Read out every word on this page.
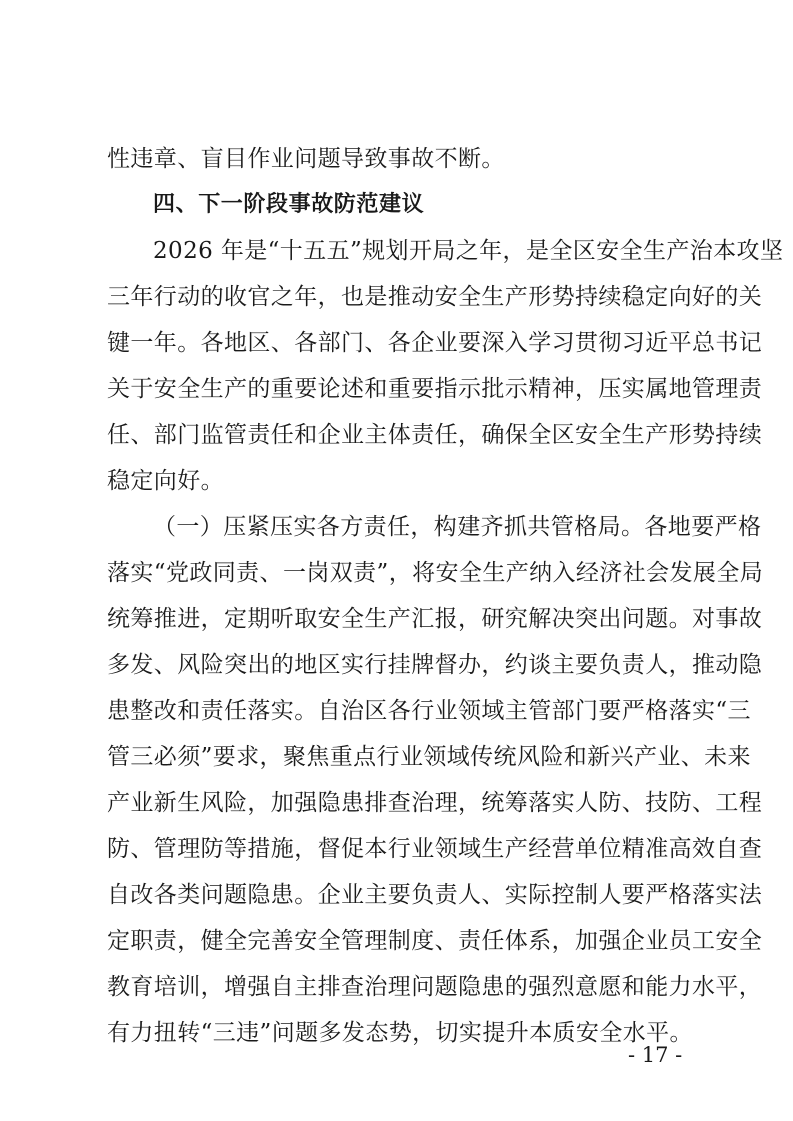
性违章、盲目作业问题导致事故不断。
四、下一阶段事故防范建议
2026 年是“十五五”规划开局之年，是全区安全生产治本攻坚
三年行动的收官之年，也是推动安全生产形势持续稳定向好的关
键一年。各地区、各部门、各企业要深入学习贯彻习近平总书记
关于安全生产的重要论述和重要指示批示精神，压实属地管理责
任、部门监管责任和企业主体责任，确保全区安全生产形势持续
稳定向好。
（一）压紧压实各方责任，构建齐抓共管格局。各地要严格
落实“党政同责、一岗双责”，将安全生产纳入经济社会发展全局
统筹推进，定期听取安全生产汇报，研究解决突出问题。对事故
多发、风险突出的地区实行挂牌督办，约谈主要负责人，推动隐
患整改和责任落实。自治区各行业领域主管部门要严格落实“三
管三必须”要求，聚焦重点行业领域传统风险和新兴产业、未来
产业新生风险，加强隐患排查治理，统筹落实人防、技防、工程
防、管理防等措施，督促本行业领域生产经营单位精准高效自查
自改各类问题隐患。企业主要负责人、实际控制人要严格落实法
定职责，健全完善安全管理制度、责任体系，加强企业员工安全
教育培训，增强自主排查治理问题隐患的强烈意愿和能力水平，
有力扭转“三违”问题多发态势，切实提升本质安全水平。
- 17 -
